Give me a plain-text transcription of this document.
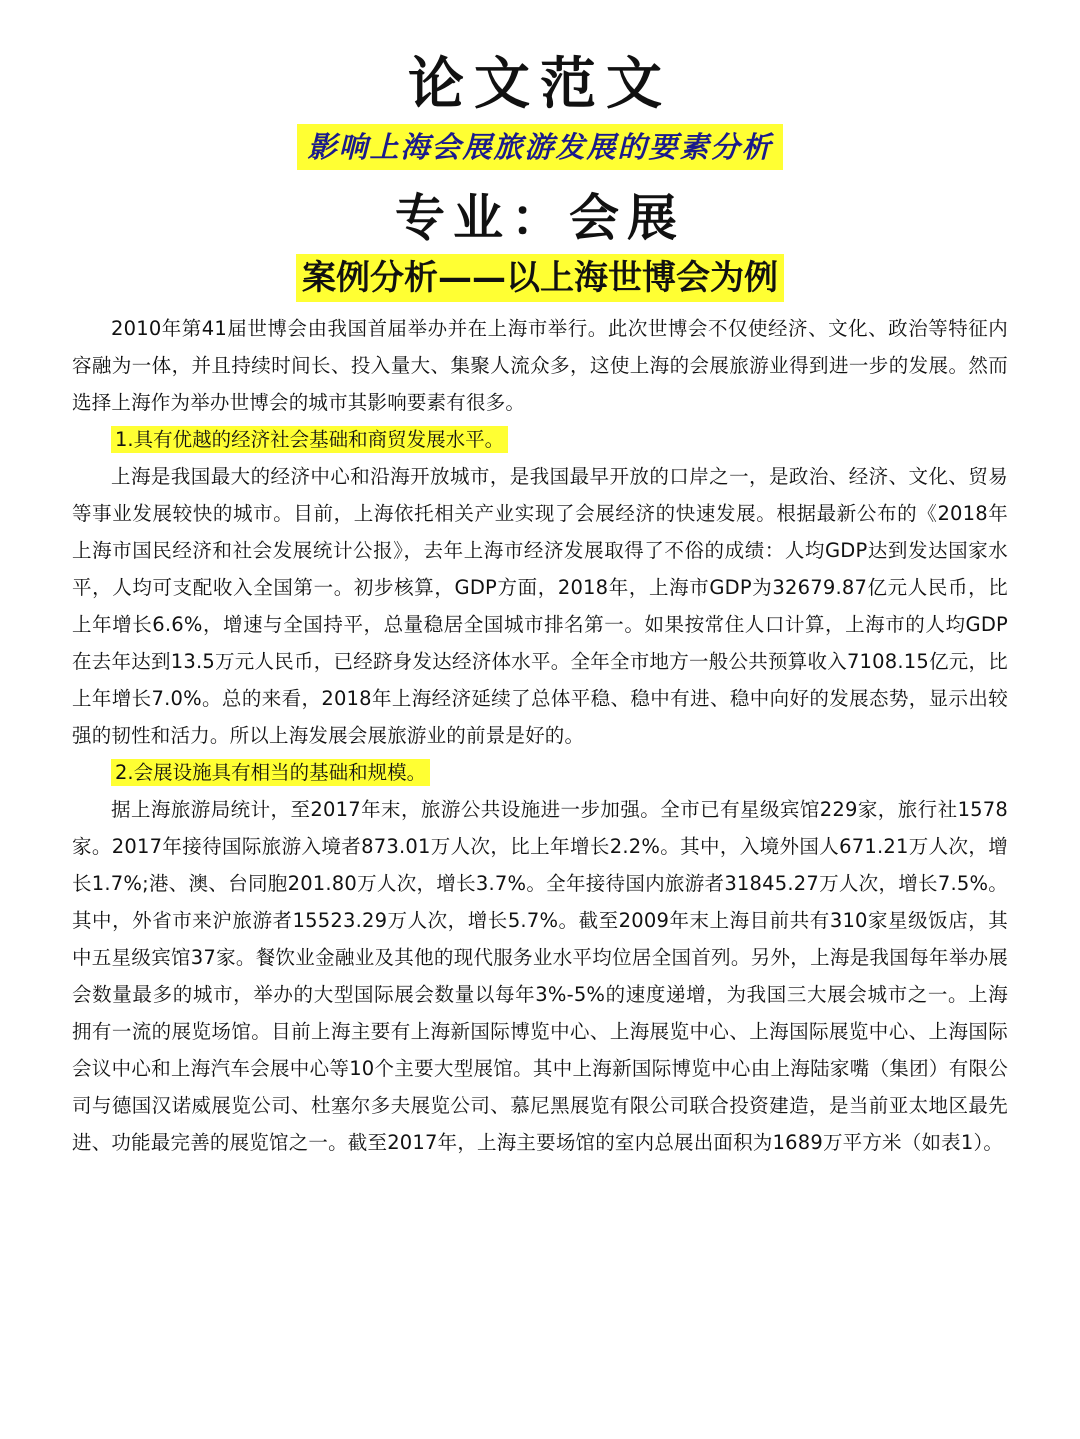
论文范文
影响上海会展旅游发展的要素分析
专业：会展
案例分析——以上海世博会为例

2010年第41届世博会由我国首届举办并在上海市举行。此次世博会不仅使经济、文化、政治等特征内容融为一体，并且持续时间长、投入量大、集聚人流众多，这使上海的会展旅游业得到进一步的发展。然而选择上海作为举办世博会的城市其影响要素有很多。

1.具有优越的经济社会基础和商贸发展水平。

上海是我国最大的经济中心和沿海开放城市，是我国最早开放的口岸之一，是政治、经济、文化、贸易等事业发展较快的城市。目前，上海依托相关产业实现了会展经济的快速发展。根据最新公布的《2018年上海市国民经济和社会发展统计公报》，去年上海市经济发展取得了不俗的成绩：人均GDP达到发达国家水平，人均可支配收入全国第一。初步核算，GDP方面，2018年，上海市GDP为32679.87亿元人民币，比上年增长6.6%，增速与全国持平，总量稳居全国城市排名第一。如果按常住人口计算，上海市的人均GDP在去年达到13.5万元人民币，已经跻身发达经济体水平。全年全市地方一般公共预算收入7108.15亿元，比上年增长7.0%。总的来看，2018年上海经济延续了总体平稳、稳中有进、稳中向好的发展态势，显示出较强的韧性和活力。所以上海发展会展旅游业的前景是好的。

2.会展设施具有相当的基础和规模。

据上海旅游局统计，至2017年末，旅游公共设施进一步加强。全市已有星级宾馆229家，旅行社1578家。2017年接待国际旅游入境者873.01万人次，比上年增长2.2%。其中，入境外国人671.21万人次，增长1.7%;港、澳、台同胞201.80万人次，增长3.7%。全年接待国内旅游者31845.27万人次，增长7.5%。其中，外省市来沪旅游者15523.29万人次，增长5.7%。截至2009年末上海目前共有310家星级饭店，其中五星级宾馆37家。餐饮业金融业及其他的现代服务业水平均位居全国首列。另外，上海是我国每年举办展会数量最多的城市，举办的大型国际展会数量以每年3%-5%的速度递增，为我国三大展会城市之一。上海拥有一流的展览场馆。目前上海主要有上海新国际博览中心、上海展览中心、上海国际展览中心、上海国际会议中心和上海汽车会展中心等10个主要大型展馆。其中上海新国际博览中心由上海陆家嘴（集团）有限公司与德国汉诺威展览公司、杜塞尔多夫展览公司、慕尼黑展览有限公司联合投资建造，是当前亚太地区最先进、功能最完善的展览馆之一。截至2017年，上海主要场馆的室内总展出面积为1689万平方米（如表1）。
